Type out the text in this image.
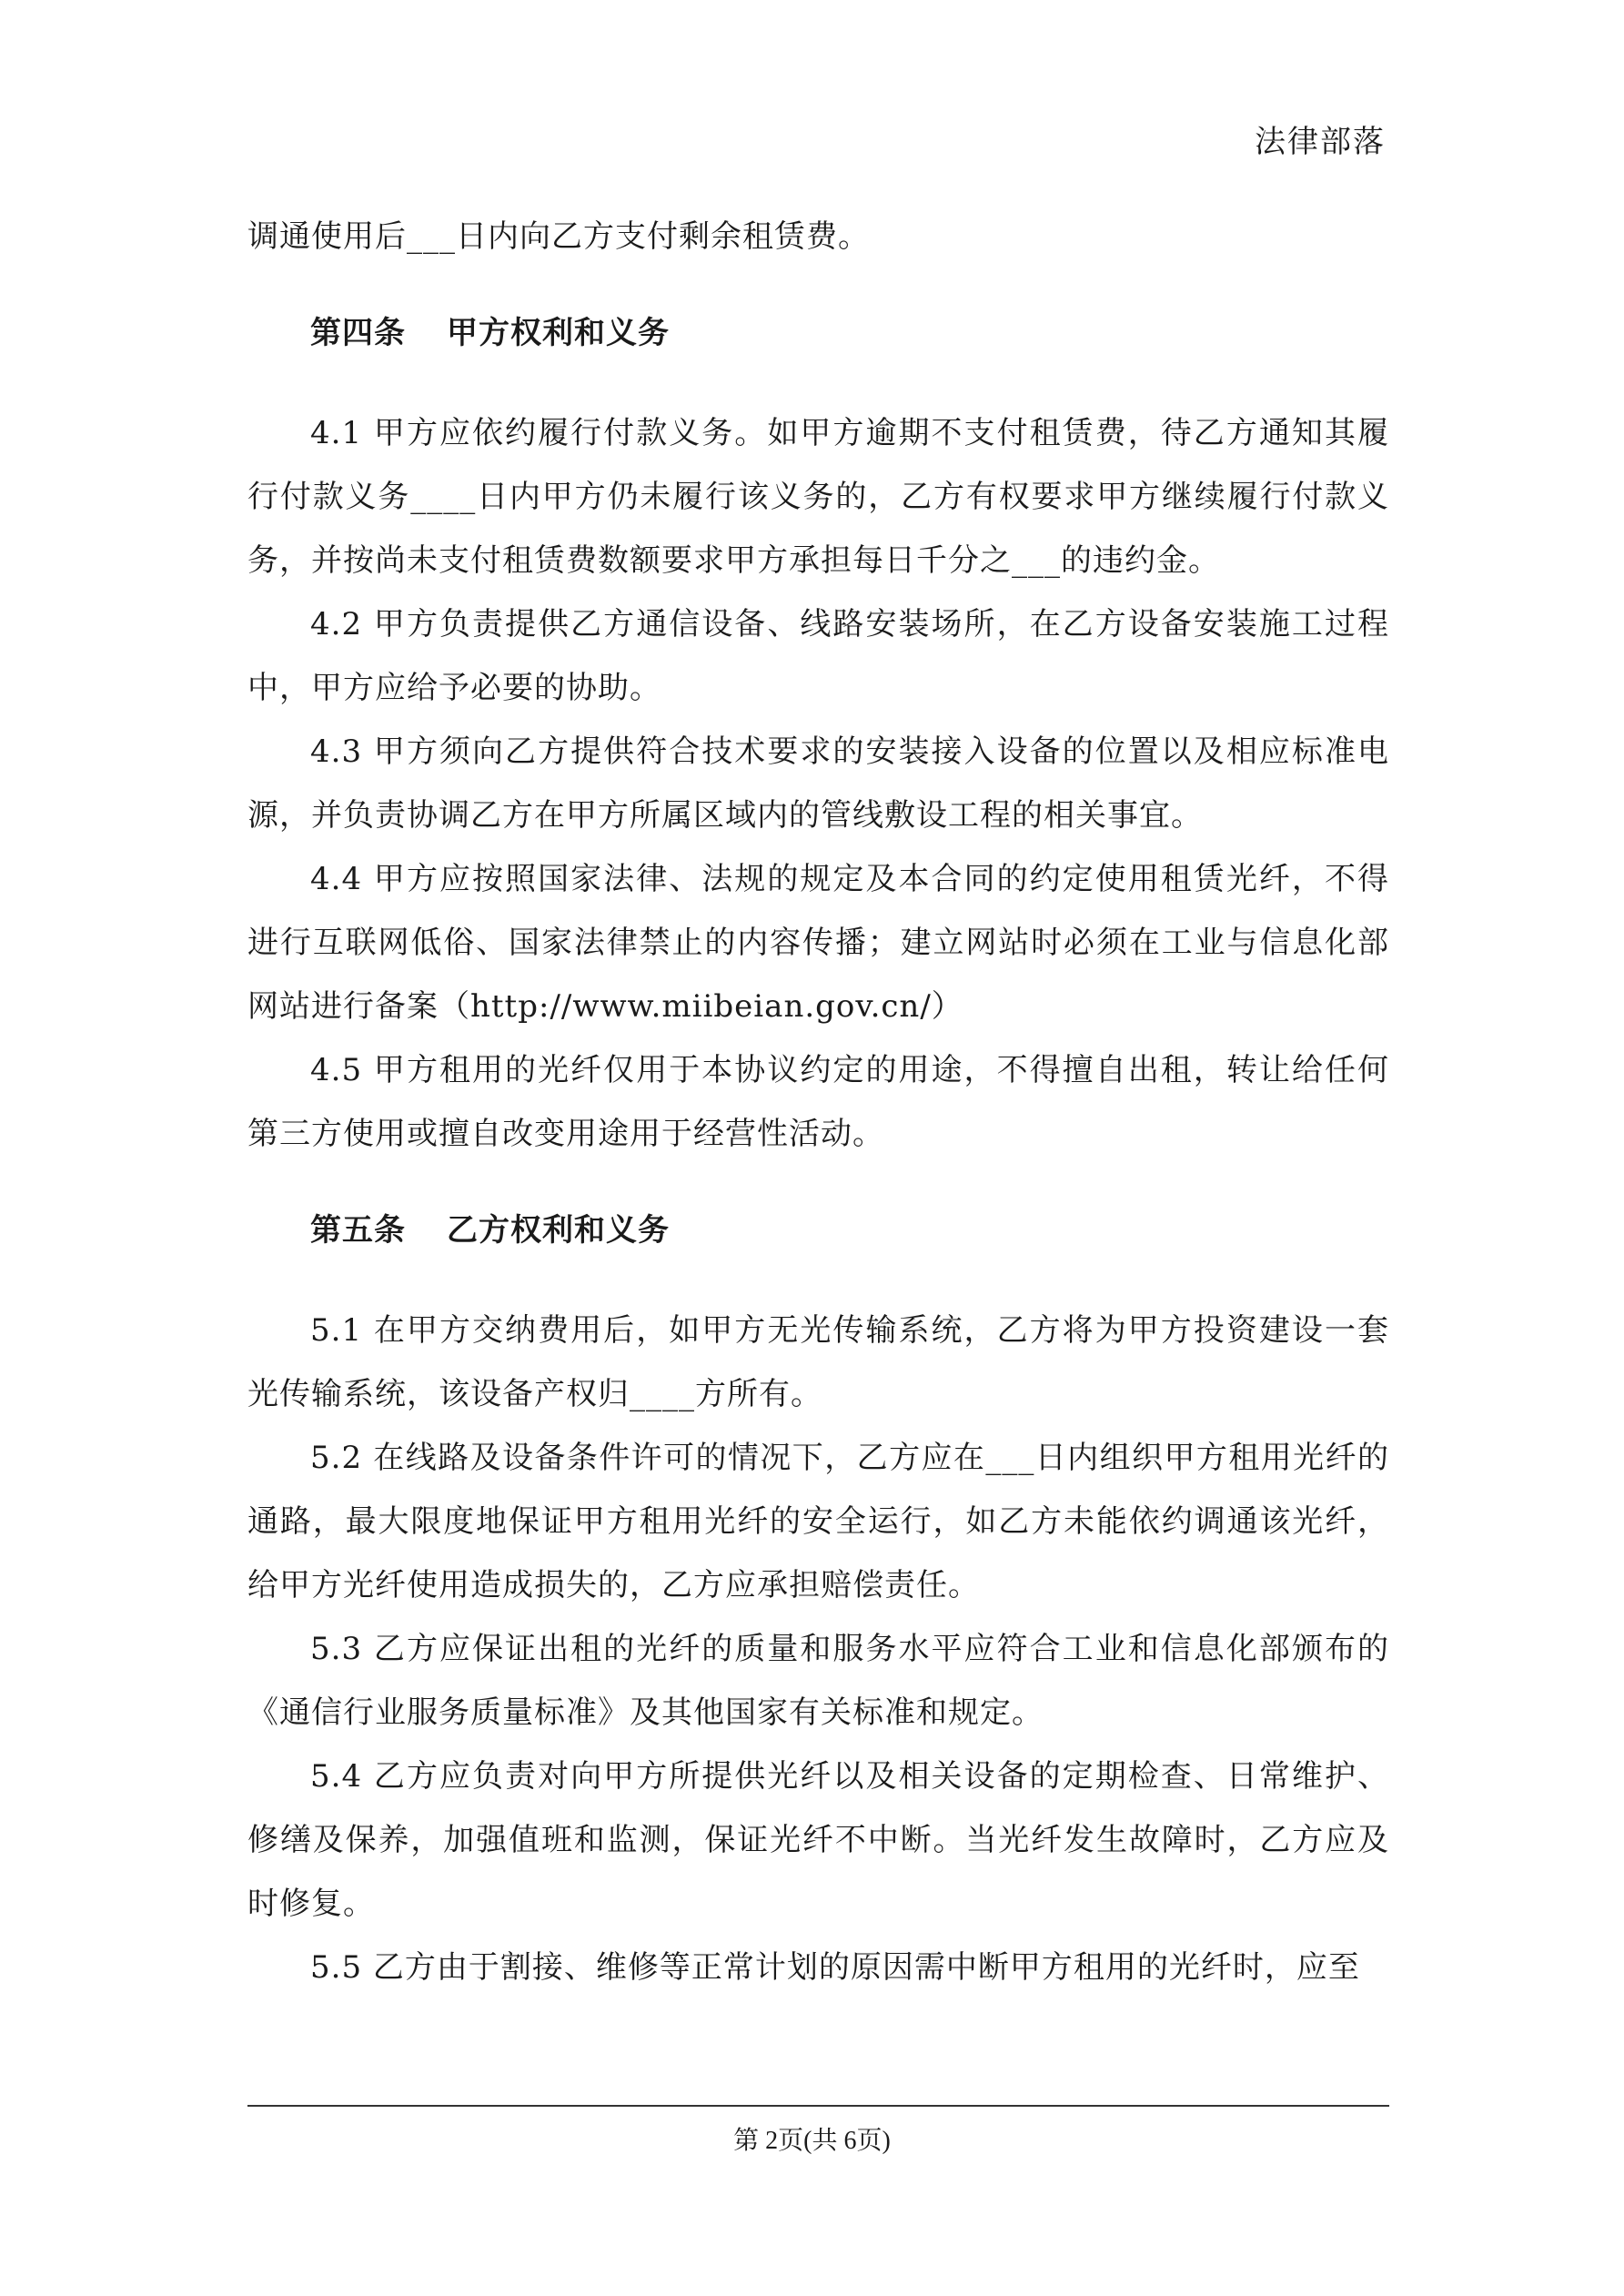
法律部落

调通使用后___日内向乙方支付剩余租赁费。

第四条 甲方权利和义务

4.1 甲方应依约履行付款义务。如甲方逾期不支付租赁费，待乙方通知其履行付款义务____日内甲方仍未履行该义务的，乙方有权要求甲方继续履行付款义务，并按尚未支付租赁费数额要求甲方承担每日千分之___的违约金。

4.2 甲方负责提供乙方通信设备、线路安装场所，在乙方设备安装施工过程中，甲方应给予必要的协助。

4.3 甲方须向乙方提供符合技术要求的安装接入设备的位置以及相应标准电源，并负责协调乙方在甲方所属区域内的管线敷设工程的相关事宜。

4.4 甲方应按照国家法律、法规的规定及本合同的约定使用租赁光纤，不得进行互联网低俗、国家法律禁止的内容传播；建立网站时必须在工业与信息化部网站进行备案（http://www.miibeian.gov.cn/）

4.5 甲方租用的光纤仅用于本协议约定的用途，不得擅自出租，转让给任何第三方使用或擅自改变用途用于经营性活动。

第五条 乙方权利和义务

5.1 在甲方交纳费用后，如甲方无光传输系统，乙方将为甲方投资建设一套光传输系统，该设备产权归____方所有。

5.2 在线路及设备条件许可的情况下，乙方应在___日内组织甲方租用光纤的通路，最大限度地保证甲方租用光纤的安全运行，如乙方未能依约调通该光纤，给甲方光纤使用造成损失的，乙方应承担赔偿责任。

5.3 乙方应保证出租的光纤的质量和服务水平应符合工业和信息化部颁布的《通信行业服务质量标准》及其他国家有关标准和规定。

5.4 乙方应负责对向甲方所提供光纤以及相关设备的定期检查、日常维护、修缮及保养，加强值班和监测，保证光纤不中断。当光纤发生故障时，乙方应及时修复。

5.5 乙方由于割接、维修等正常计划的原因需中断甲方租用的光纤时，应至

第 2页(共 6页)
